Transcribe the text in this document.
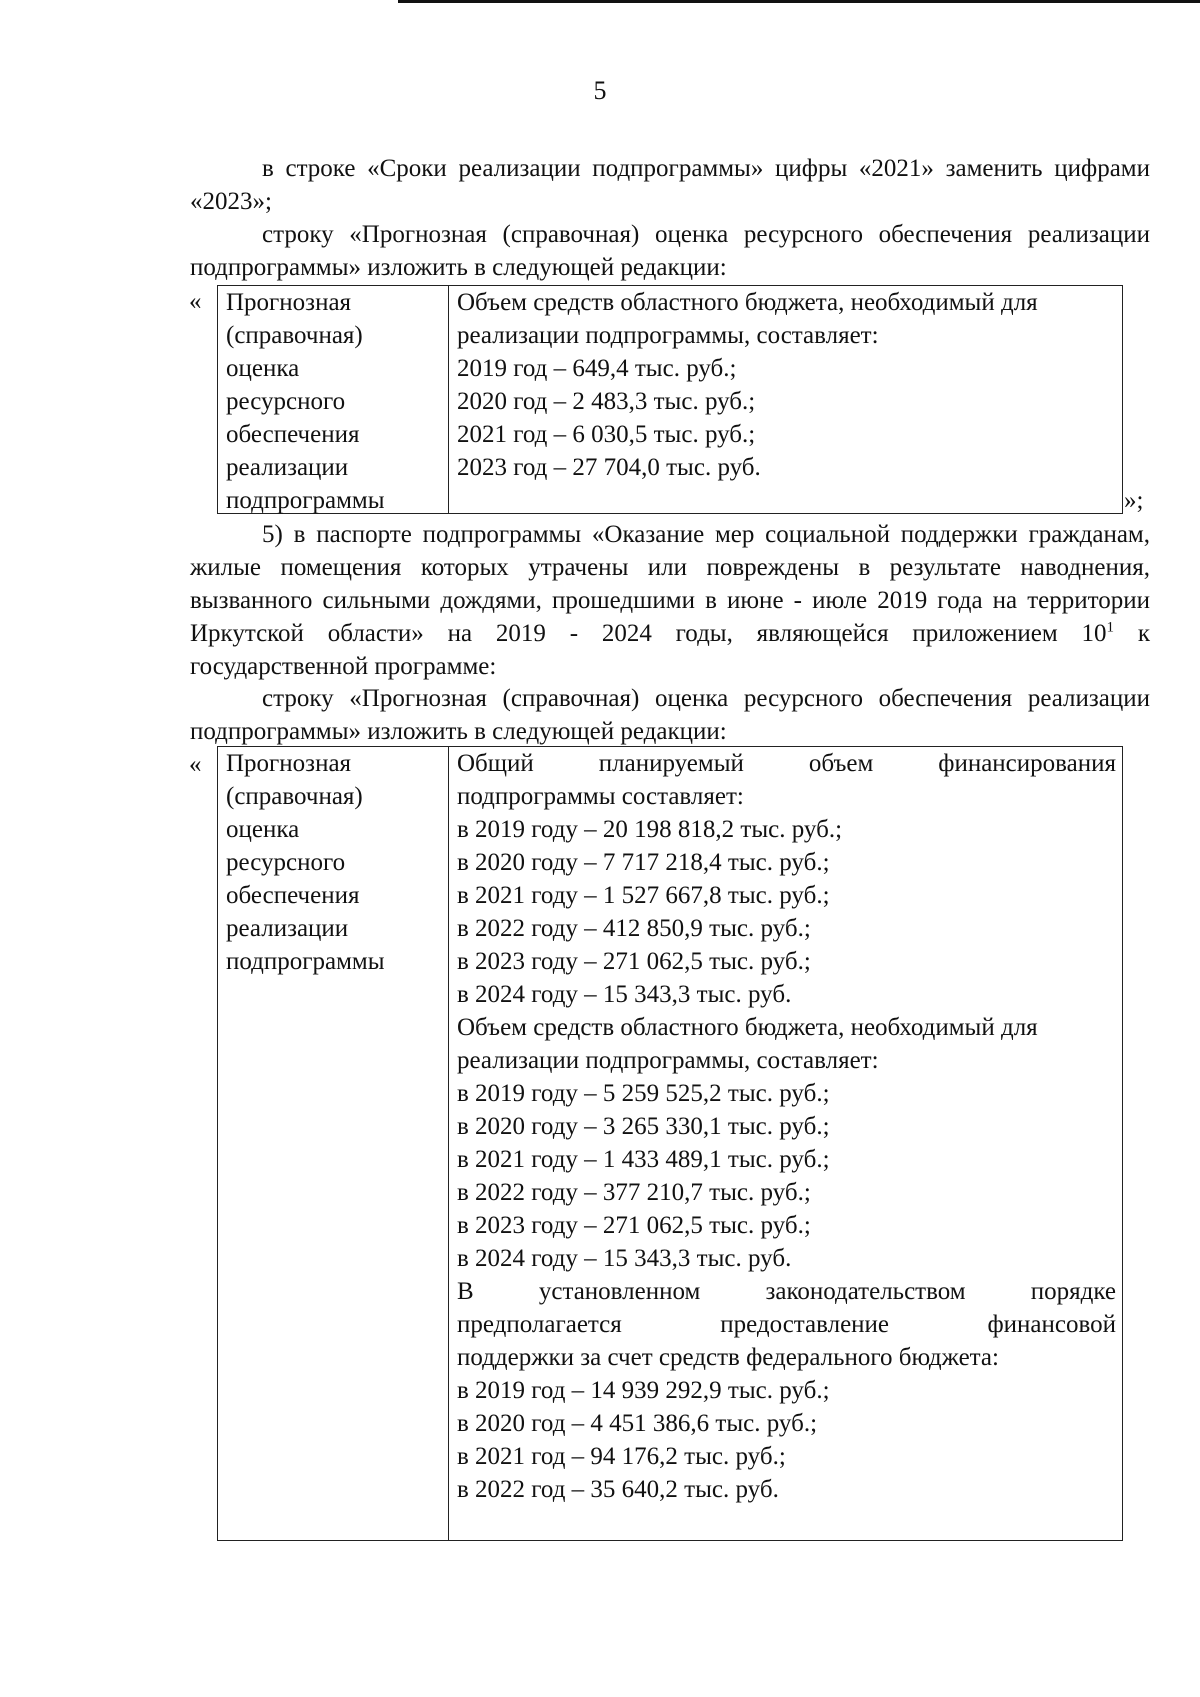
5
в строке «Сроки реализации подпрограммы» цифры «2021» заменить цифрами «2023»;
строку «Прогнозная (справочная) оценка ресурсного обеспечения реализации подпрограммы» изложить в следующей редакции:
« Прогнозная
(справочная)
оценка
ресурсного
обеспечения
реализации
подпрограммы
Объем средств областного бюджета, необходимый для
реализации подпрограммы, составляет:
2019 год – 649,4 тыс. руб.;
2020 год – 2 483,3 тыс. руб.;
2021 год – 6 030,5 тыс. руб.;
2023 год – 27 704,0 тыс. руб.
»;
5) в паспорте подпрограммы «Оказание мер социальной поддержки гражданам, жилые помещения которых утрачены или повреждены в результате наводнения, вызванного сильными дождями, прошедшими в июне - июле 2019 года на территории Иркутской области» на 2019 - 2024 годы, являющейся приложением $10^1$ к государственной программе:
строку «Прогнозная (справочная) оценка ресурсного обеспечения реализации подпрограммы» изложить в следующей редакции:
« Прогнозная
(справочная)
оценка
ресурсного
обеспечения
реализации
подпрограммы
Общий планируемый объем финансирования
подпрограммы составляет:
в 2019 году – 20 198 818,2 тыс. руб.;
в 2020 году – 7 717 218,4 тыс. руб.;
в 2021 году – 1 527 667,8 тыс. руб.;
в 2022 году – 412 850,9 тыс. руб.;
в 2023 году – 271 062,5 тыс. руб.;
в 2024 году – 15 343,3 тыс. руб.
Объем средств областного бюджета, необходимый для
реализации подпрограммы, составляет:
в 2019 году – 5 259 525,2 тыс. руб.;
в 2020 году – 3 265 330,1 тыс. руб.;
в 2021 году – 1 433 489,1 тыс. руб.;
в 2022 году – 377 210,7 тыс. руб.;
в 2023 году – 271 062,5 тыс. руб.;
в 2024 году – 15 343,3 тыс. руб.
В установленном законодательством порядке
предполагается предоставление финансовой
поддержки за счет средств федерального бюджета:
в 2019 год – 14 939 292,9 тыс. руб.;
в 2020 год – 4 451 386,6 тыс. руб.;
в 2021 год – 94 176,2 тыс. руб.;
в 2022 год – 35 640,2 тыс. руб.
